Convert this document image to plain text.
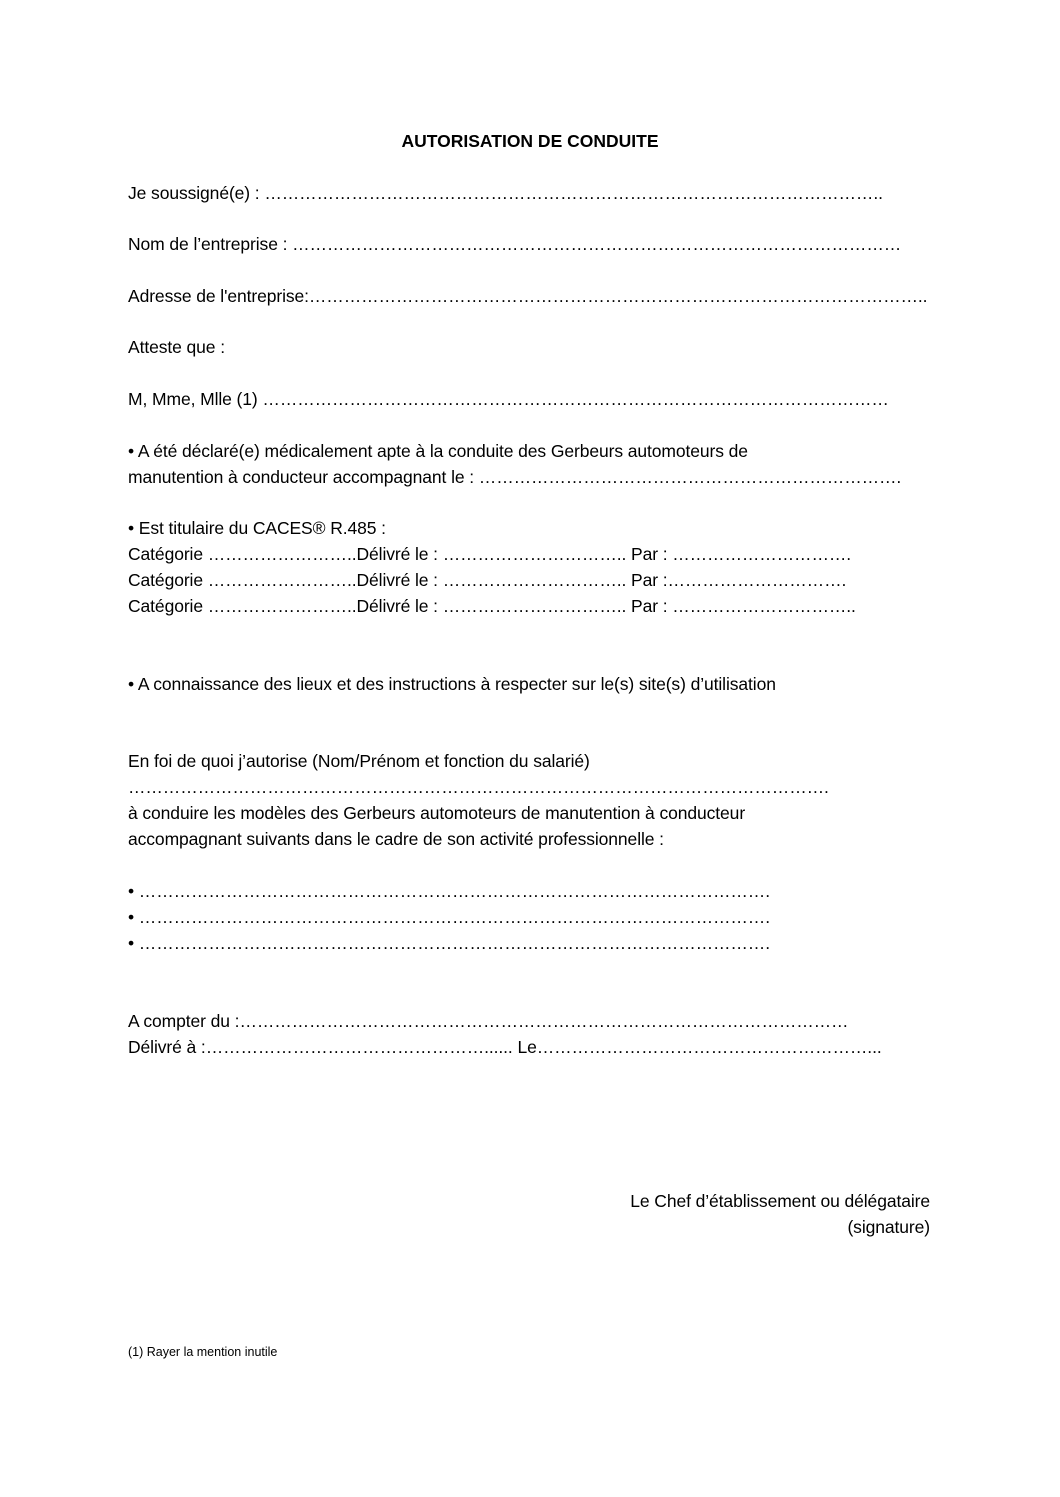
AUTORISATION DE CONDUITE
Je soussigné(e) : ……………………………………………………………………………………………..
Nom de l’entreprise : ……………………………………………………………………………………………
Adresse de l'entreprise:……………………………………………………………………………………………..
Atteste que :
M, Mme, Mlle (1) ………………………………………………………………………………………………
• A été déclaré(e) médicalement apte à la conduite des Gerbeurs automoteurs de
manutention à conducteur accompagnant le : ……………………………………………………………….
• Est titulaire du CACES® R.485 :
Catégorie ……………………..Délivré le : ………………………….. Par : ………………………….
Catégorie ……………………..Délivré le : ………………………….. Par :………………………….
Catégorie ……………………..Délivré le : ………………………….. Par : …………………………..
• A connaissance des lieux et des instructions à respecter sur le(s) site(s) d’utilisation
En foi de quoi j’autorise (Nom/Prénom et fonction du salarié)
………………………………………………………………………………………………………….
à conduire les modèles des Gerbeurs automoteurs de manutention à conducteur
accompagnant suivants dans le cadre de son activité professionnelle :
• ……………………………………………………………………………………………….
• ……………………………………………………………………………………………….
• ……………………………………………………………………………………………….
A compter du :……………………………………………………………………………………………
Délivré à :…………………………………………...... Le…………………………………………………...
Le Chef d’établissement ou délégataire
(signature)
(1) Rayer la mention inutile
